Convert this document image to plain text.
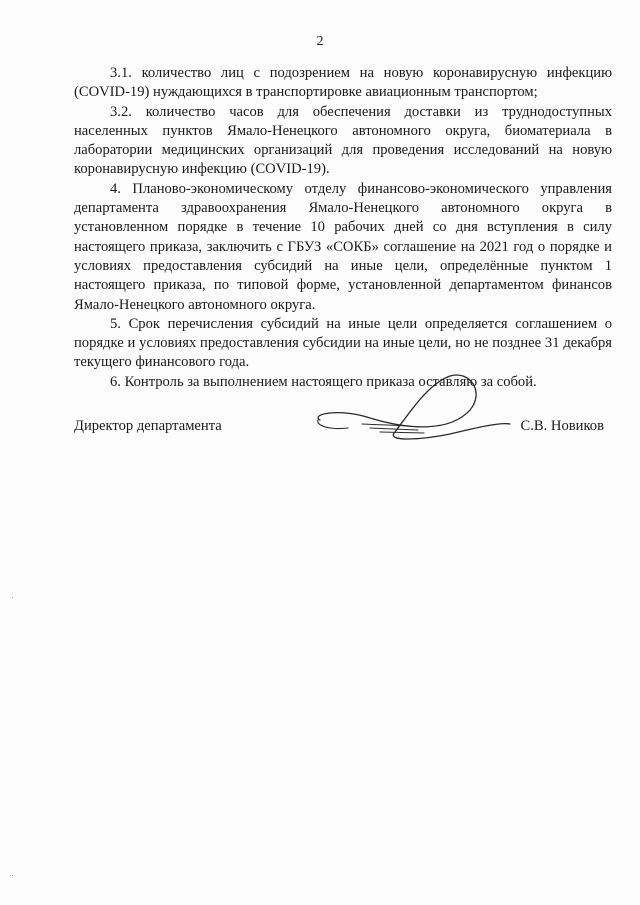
2

3.1. количество лиц с подозрением на новую коронавирусную инфекцию (COVID-19) нуждающихся в транспортировке авиационным транспортом;

3.2. количество часов для обеспечения доставки из труднодоступных населенных пунктов Ямало-Ненецкого автономного округа, биоматериала в лаборатории медицинских организаций для проведения исследований на новую коронавирусную инфекцию (COVID-19).

4. Планово-экономическому отделу финансово-экономического управления департамента здравоохранения Ямало-Ненецкого автономного округа в установленном порядке в течение 10 рабочих дней со дня вступления в силу настоящего приказа, заключить с ГБУЗ «СОКБ» соглашение на 2021 год о порядке и условиях предоставления субсидий на иные цели, определённые пунктом 1 настоящего приказа, по типовой форме, установленной департаментом финансов Ямало-Ненецкого автономного округа.

5. Срок перечисления субсидий на иные цели определяется соглашением о порядке и условиях предоставления субсидии на иные цели, но не позднее 31 декабря текущего финансового года.

6. Контроль за выполнением настоящего приказа оставляю за собой.

Директор департамента	С.В. Новиков
